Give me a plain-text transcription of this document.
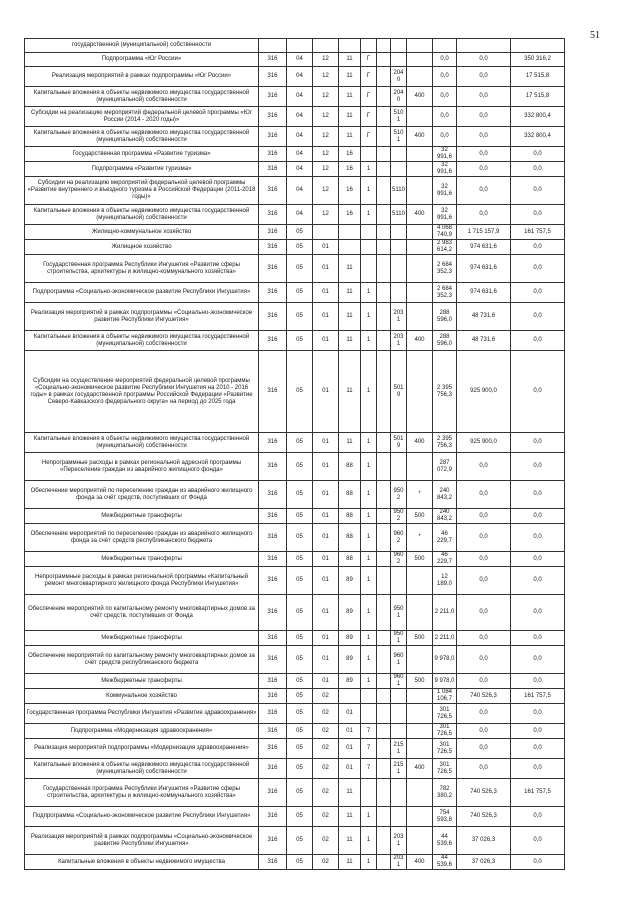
51
государственной (муниципальной) собственности											
Подпрограмма «Юг России»	316	04	12	11	Г				0,0	0,0	350 316,2
Реализация мероприятий в рамках подпрограммы «Юг России»	316	04	12	11	Г		2040		0,0	0,0	17 515,8
Капитальные вложения в объекты недвижимого имущества государственной (муниципальной) собственности	316	04	12	11	Г		2040	400	0,0	0,0	17 515,8
Субсидии на реализацию мероприятий федеральной целевой программы «Юг России (2014 - 2020 годы)»	316	04	12	11	Г		5101		0,0	0,0	332 800,4
Капитальные вложения в объекты недвижимого имущества государственной (муниципальной) собственности	316	04	12	11	Г		5101	400	0,0	0,0	332 800,4
Государственная программа «Развитие туризма»	316	04	12	16					32 991,6	0,0	0,0
Подпрограмма «Развитие туризма»	316	04	12	16	1				32 991,6	0,0	0,0
Субсидии на реализацию мероприятий федеральной целевой программы «Развитие внутреннего и въездного туризма в Российской Федерации (2011-2018 годы)»	316	04	12	16	1		5110		32 991,6	0,0	0,0
Капитальные вложения в объекты недвижимого имущества государственной (муниципальной) собственности	316	04	12	16	1		5110	400	32 991,6	0,0	0,0
Жилищно-коммунальное хозяйство	316	05							4 068 740,9	1 715 157,9	161 757,5
Жилищное хозяйство	316	05	01						2 983 614,2	974 631,6	0,0
Государственная программа Республики Ингушетия «Развитие сферы строительства, архитектуры и жилищно-коммунального хозяйства»	316	05	01	11					2 684 352,3	974 631,6	0,0
Подпрограмма «Социально-экономическое развитие Республики Ингушетия»	316	05	01	11	1				2 684 352,3	974 631,6	0,0
Реализация мероприятий в рамках подпрограммы «Социально-экономическое развитие Республики Ингушетия»	316	05	01	11	1		2031		288 596,0	48 731,6	0,0
Капитальные вложения в объекты недвижимого имущества государственной (муниципальной) собственности	316	05	01	11	1		2031	400	288 596,0	48 731,6	0,0
Субсидии на осуществление мероприятий федеральной целевой программы «Социально-экономическое развитие Республики Ингушетия на 2010 - 2016 годы» в рамках государственной программы Российской Федерации «Развитие Северо-Кавказского федерального округа» на период до 2025 года	316	05	01	11	1		5019		2 395 756,3	925 900,0	0,0
Капитальные вложения в объекты недвижимого имущества государственной (муниципальной) собственности	316	05	01	11	1		5019	400	2 395 756,3	925 900,0	0,0
Непрограммные расходы в рамках региональной адресной программы «Переселение граждан из аварийного жилищного фонда»	316	05	01	88	1				287 072,9	0,0	0,0
Обеспечение мероприятий по переселению граждан из аварийного жилищного фонда за счёт средств, поступивших от Фонда	316	05	01	88	1		9502	*	240 843,2	0,0	0,0
Межбюджетные трансферты	316	05	01	88	1		9502	500	240 843,2	0,0	0,0
Обеспечение мероприятий по переселению граждан из аварийного жилищного фонда за счёт средств республиканского бюджета	316	05	01	88	1		9602	*	46 229,7	0,0	0,0
Межбюджетные трансферты	316	05	01	88	1		9602	500	46 229,7	0,0	0,0
Непрограммные расходы в рамках региональной программы «Капитальный ремонт многоквартирного жилищного фонда Республики Ингушетия»	316	05	01	89	1				12 189,0	0,0	0,0
Обеспечение мероприятий по капитальному ремонту многоквартирных домов за счёт средств, поступивших от Фонда	316	05	01	89	1		9501		2 211,0	0,0	0,0
Межбюджетные трансферты	316	05	01	89	1		9501	500	2 211,0	0,0	0,0
Обеспечение мероприятий по капитальному ремонту многоквартирных домов за счёт средств республиканского бюджета	316	05	01	89	1		9601		9 978,0	0,0	0,0
Межбюджетные трансферты	316	05	01	89	1		9601	500	9 978,0	0,0	0,0
Коммунальное хозяйство	316	05	02						1 084 106,7	740 526,3	161 757,5
Государственная программа Республики Ингушетия «Развитие здравоохранения»	316	05	02	01					301 726,5	0,0	0,0
Подпрограмма «Модернизация здравоохранения»	316	05	02	01	7				301 726,5	0,0	0,0
Реализация мероприятий подпрограммы «Модернизация здравоохранения»	316	05	02	01	7		2151		301 726,5	0,0	0,0
Капитальные вложения в объекты недвижимого имущества государственной (муниципальной) собственности	316	05	02	01	7		2151	400	301 726,5	0,0	0,0
Государственная программа Республики Ингушетия «Развитие сферы строительства, архитектуры и жилищно-коммунального хозяйства»	316	05	02	11					782 380,2	740 526,3	161 757,5
Подпрограмма «Социально-экономическое развитие Республики Ингушетия»	316	05	02	11	1				754 593,8	740 526,3	0,0
Реализация мероприятий в рамках подпрограммы «Социально-экономическое развитие Республики Ингушетия»	316	05	02	11	1		2031		44 539,6	37 026,3	0,0
Капитальные вложения в объекты недвижимого имущества	316	05	02	11	1		2031	400	44 539,6	37 026,3	0,0
